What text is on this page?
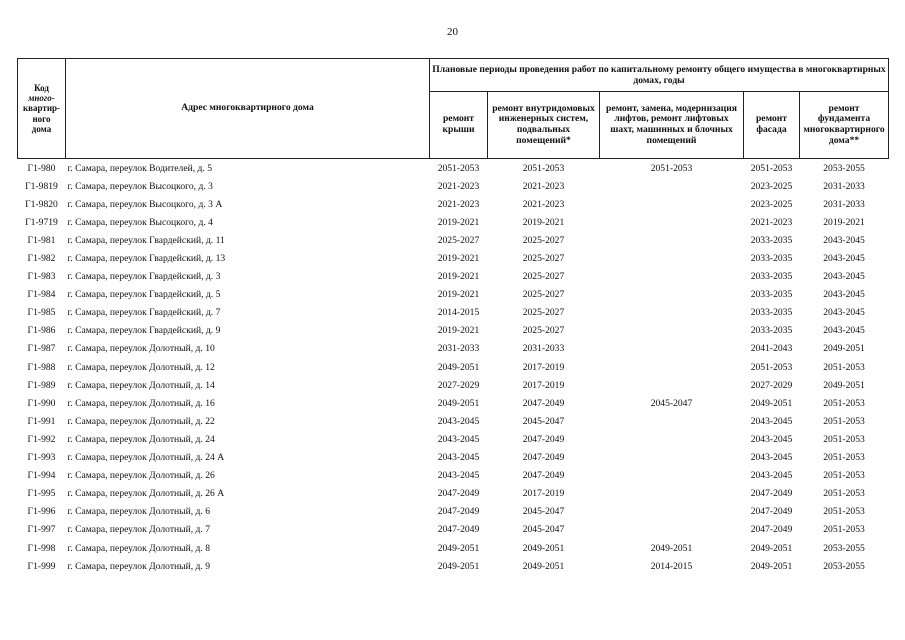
20
Код
много-
квартир-
ного
дома	Адрес многоквартирного дома	Плановые периоды проведения работ по капитальному ремонту общего имущества в многоквартирных домах, годы				
		ремонт крыши	ремонт внутридомовых инженерных систем, подвальных помещений*	ремонт, замена, модернизация лифтов, ремонт лифтовых шахт, машинных и блочных помещений	ремонт фасада	ремонт фундамента многоквартирного дома**
Г1-980	г. Самара, переулок Водителей, д. 5	2051-2053	2051-2053	2051-2053	2051-2053	2053-2055
Г1-9819	г. Самара, переулок Высоцкого, д. 3	2021-2023	2021-2023		2023-2025	2031-2033
Г1-9820	г. Самара, переулок Высоцкого, д. 3 А	2021-2023	2021-2023		2023-2025	2031-2033
Г1-9719	г. Самара, переулок Высоцкого, д. 4	2019-2021	2019-2021		2021-2023	2019-2021
Г1-981	г. Самара, переулок Гвардейский, д. 11	2025-2027	2025-2027		2033-2035	2043-2045
Г1-982	г. Самара, переулок Гвардейский, д. 13	2019-2021	2025-2027		2033-2035	2043-2045
Г1-983	г. Самара, переулок Гвардейский, д. 3	2019-2021	2025-2027		2033-2035	2043-2045
Г1-984	г. Самара, переулок Гвардейский, д. 5	2019-2021	2025-2027		2033-2035	2043-2045
Г1-985	г. Самара, переулок Гвардейский, д. 7	2014-2015	2025-2027		2033-2035	2043-2045
Г1-986	г. Самара, переулок Гвардейский, д. 9	2019-2021	2025-2027		2033-2035	2043-2045
Г1-987	г. Самара, переулок Долотный, д. 10	2031-2033	2031-2033		2041-2043	2049-2051
Г1-988	г. Самара, переулок Долотный, д. 12	2049-2051	2017-2019		2051-2053	2051-2053
Г1-989	г. Самара, переулок Долотный, д. 14	2027-2029	2017-2019		2027-2029	2049-2051
Г1-990	г. Самара, переулок Долотный, д. 16	2049-2051	2047-2049	2045-2047	2049-2051	2051-2053
Г1-991	г. Самара, переулок Долотный, д. 22	2043-2045	2045-2047		2043-2045	2051-2053
Г1-992	г. Самара, переулок Долотный, д. 24	2043-2045	2047-2049		2043-2045	2051-2053
Г1-993	г. Самара, переулок Долотный, д. 24 А	2043-2045	2047-2049		2043-2045	2051-2053
Г1-994	г. Самара, переулок Долотный, д. 26	2043-2045	2047-2049		2043-2045	2051-2053
Г1-995	г. Самара, переулок Долотный, д. 26 А	2047-2049	2017-2019		2047-2049	2051-2053
Г1-996	г. Самара, переулок Долотный, д. 6	2047-2049	2045-2047		2047-2049	2051-2053
Г1-997	г. Самара, переулок Долотный, д. 7	2047-2049	2045-2047		2047-2049	2051-2053
Г1-998	г. Самара, переулок Долотный, д. 8	2049-2051	2049-2051	2049-2051	2049-2051	2053-2055
Г1-999	г. Самара, переулок Долотный, д. 9	2049-2051	2049-2051	2014-2015	2049-2051	2053-2055
